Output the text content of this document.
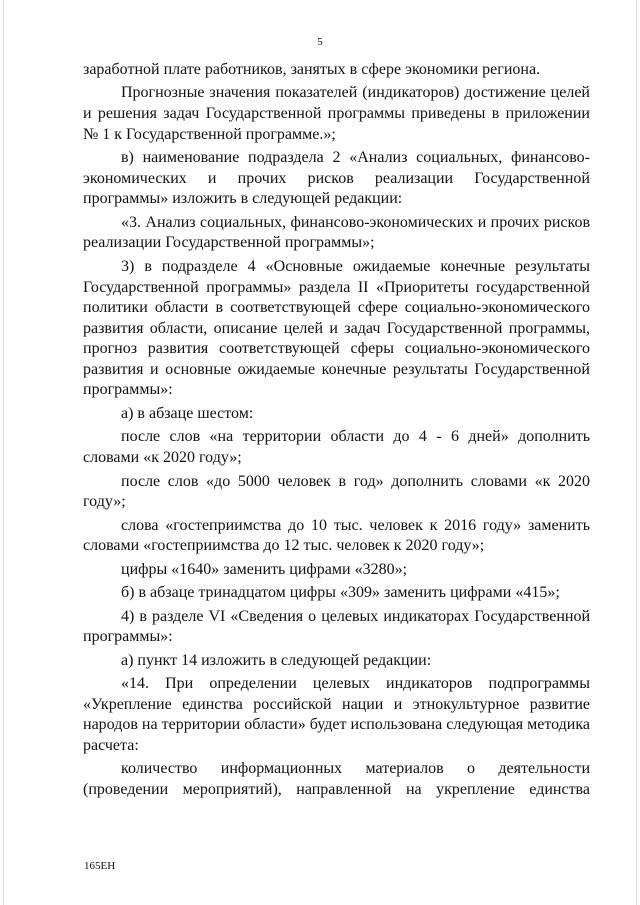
5

заработной плате работников, занятых в сфере экономики региона.

Прогнозные значения показателей (индикаторов) достижение целей и решения задач Государственной программы приведены в приложении № 1 к Государственной программе.»;

в) наименование подраздела 2 «Анализ социальных, финансово-экономических и прочих рисков реализации Государственной программы» изложить в следующей редакции:

«3. Анализ социальных, финансово-экономических и прочих рисков реализации Государственной программы»;

3) в подразделе 4 «Основные ожидаемые конечные результаты Государственной программы» раздела II «Приоритеты государственной политики области в соответствующей сфере социально-экономического развития области, описание целей и задач Государственной программы, прогноз развития соответствующей сферы социально-экономического развития и основные ожидаемые конечные результаты Государственной программы»:

а) в абзаце шестом:

после слов «на территории области до 4 - 6 дней» дополнить словами «к 2020 году»;

после слов «до 5000 человек в год» дополнить словами «к 2020 году»;

слова «гостеприимства до 10 тыс. человек к 2016 году» заменить словами «гостеприимства до 12 тыс. человек к 2020 году»;

цифры «1640» заменить цифрами «3280»;

б) в абзаце тринадцатом цифры «309» заменить цифрами «415»;

4) в разделе VI «Сведения о целевых индикаторах Государственной программы»:

а) пункт 14 изложить в следующей редакции:

«14. При определении целевых индикаторов подпрограммы «Укрепление единства российской нации и этнокультурное развитие народов на территории области» будет использована следующая методика расчета:

количество информационных материалов о деятельности (проведении мероприятий), направленной на укрепление единства

165ЕН
